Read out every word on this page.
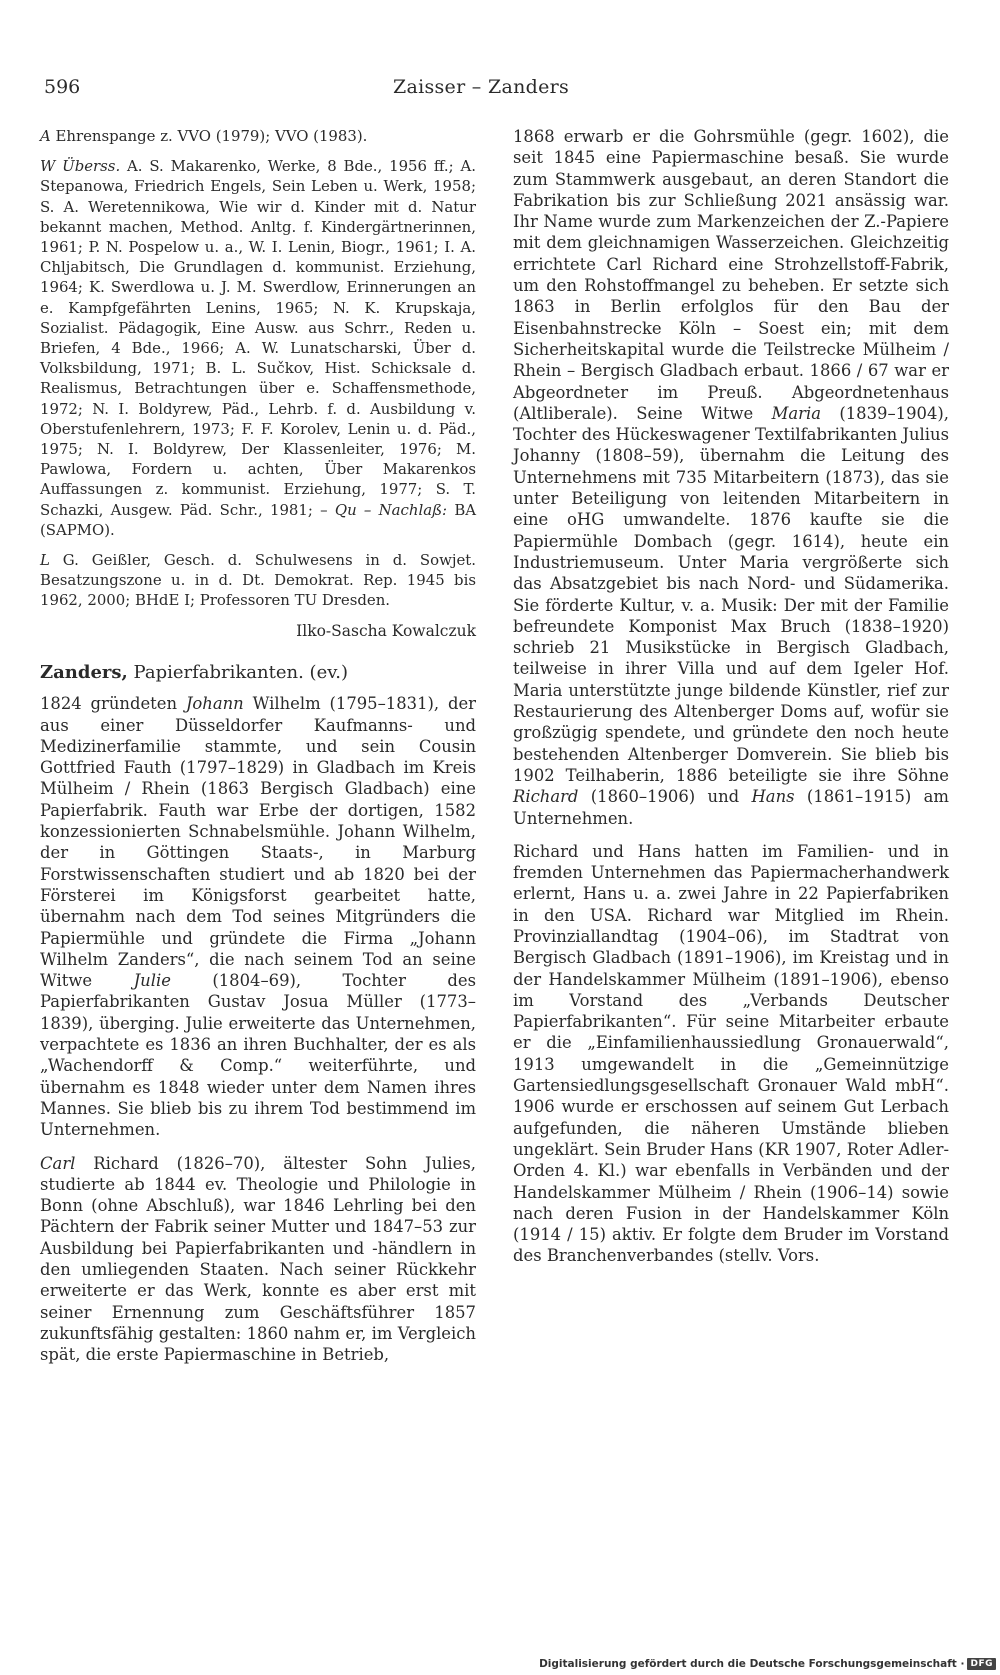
596	Zaisser – Zanders

A Ehrenspange z. VVO (1979); VVO (1983).

W Überss. A. S. Makarenko, Werke, 8 Bde., 1956 ff.; A. Stepanowa, Friedrich Engels, Sein Leben u. Werk, 1958; S. A. Weretennikowa, Wie wir d. Kinder mit d. Natur bekannt machen, Method. Anltg. f. Kindergärtnerinnen, 1961; P. N. Pospelow u. a., W. I. Lenin, Biogr., 1961; I. A. Chljabitsch, Die Grundlagen d. kommunist. Erziehung, 1964; K. Swerdlowa u. J. M. Swerdlow, Erinnerungen an e. Kampfgefährten Lenins, 1965; N. K. Krupskaja, Sozialist. Pädagogik, Eine Ausw. aus Schrr., Reden u. Briefen, 4 Bde., 1966; A. W. Lunatscharski, Über d. Volksbildung, 1971; B. L. Sučkov, Hist. Schicksale d. Realismus, Betrachtungen über e. Schaffensmethode, 1972; N. I. Boldyrew, Päd., Lehrb. f. d. Ausbildung v. Oberstufenlehrern, 1973; F. F. Korolev, Lenin u. d. Päd., 1975; N. I. Boldyrew, Der Klassenleiter, 1976; M. Pawlowa, Fordern u. achten, Über Makarenkos Auffassungen z. kommunist. Erziehung, 1977; S. T. Schazki, Ausgew. Päd. Schr., 1981; – Qu – Nachlaß: BA (SAPMO).

L G. Geißler, Gesch. d. Schulwesens in d. Sowjet. Besatzungszone u. in d. Dt. Demokrat. Rep. 1945 bis 1962, 2000; BHdE I; Professoren TU Dresden.

Ilko-Sascha Kowalczuk

Zanders, Papierfabrikanten. (ev.)

1824 gründeten Johann Wilhelm (1795–1831), der aus einer Düsseldorfer Kaufmanns- und Medizinerfamilie stammte, und sein Cousin Gottfried Fauth (1797–1829) in Gladbach im Kreis Mülheim / Rhein (1863 Bergisch Gladbach) eine Papierfabrik. Fauth war Erbe der dortigen, 1582 konzessionierten Schnabelsmühle. Johann Wilhelm, der in Göttingen Staats-, in Marburg Forstwissenschaften studiert und ab 1820 bei der Försterei im Königsforst gearbeitet hatte, übernahm nach dem Tod seines Mitgründers die Papiermühle und gründete die Firma „Johann Wilhelm Zanders“, die nach seinem Tod an seine Witwe Julie (1804–69), Tochter des Papierfabrikanten Gustav Josua Müller (1773–1839), überging. Julie erweiterte das Unternehmen, verpachtete es 1836 an ihren Buchhalter, der es als „Wachendorff & Comp.“ weiterführte, und übernahm es 1848 wieder unter dem Namen ihres Mannes. Sie blieb bis zu ihrem Tod bestimmend im Unternehmen.

Carl Richard (1826–70), ältester Sohn Julies, studierte ab 1844 ev. Theologie und Philologie in Bonn (ohne Abschluß), war 1846 Lehrling bei den Pächtern der Fabrik seiner Mutter und 1847–53 zur Ausbildung bei Papierfabrikanten und -händlern in den umliegenden Staaten. Nach seiner Rückkehr erweiterte er das Werk, konnte es aber erst mit seiner Ernennung zum Geschäftsführer 1857 zukunftsfähig gestalten: 1860 nahm er, im Vergleich spät, die erste Papiermaschine in Betrieb,

1868 erwarb er die Gohrsmühle (gegr. 1602), die seit 1845 eine Papiermaschine besaß. Sie wurde zum Stammwerk ausgebaut, an deren Standort die Fabrikation bis zur Schließung 2021 ansässig war. Ihr Name wurde zum Markenzeichen der Z.-Papiere mit dem gleichnamigen Wasserzeichen. Gleichzeitig errichtete Carl Richard eine Strohzellstoff-Fabrik, um den Rohstoffmangel zu beheben. Er setzte sich 1863 in Berlin erfolglos für den Bau der Eisenbahnstrecke Köln – Soest ein; mit dem Sicherheitskapital wurde die Teilstrecke Mülheim / Rhein – Bergisch Gladbach erbaut. 1866 / 67 war er Abgeordneter im Preuß. Abgeordnetenhaus (Altliberale). Seine Witwe Maria (1839–1904), Tochter des Hückeswagener Textilfabrikanten Julius Johanny (1808–59), übernahm die Leitung des Unternehmens mit 735 Mitarbeitern (1873), das sie unter Beteiligung von leitenden Mitarbeitern in eine oHG umwandelte. 1876 kaufte sie die Papiermühle Dombach (gegr. 1614), heute ein Industriemuseum. Unter Maria vergrößerte sich das Absatzgebiet bis nach Nord- und Südamerika. Sie förderte Kultur, v. a. Musik: Der mit der Familie befreundete Komponist Max Bruch (1838–1920) schrieb 21 Musikstücke in Bergisch Gladbach, teilweise in ihrer Villa und auf dem Igeler Hof. Maria unterstützte junge bildende Künstler, rief zur Restaurierung des Altenberger Doms auf, wofür sie großzügig spendete, und gründete den noch heute bestehenden Altenberger Domverein. Sie blieb bis 1902 Teilhaberin, 1886 beteiligte sie ihre Söhne Richard (1860–1906) und Hans (1861–1915) am Unternehmen.

Richard und Hans hatten im Familien- und in fremden Unternehmen das Papiermacherhandwerk erlernt, Hans u. a. zwei Jahre in 22 Papierfabriken in den USA. Richard war Mitglied im Rhein. Provinziallandtag (1904–06), im Stadtrat von Bergisch Gladbach (1891–1906), im Kreistag und in der Handelskammer Mülheim (1891–1906), ebenso im Vorstand des „Verbands Deutscher Papierfabrikanten“. Für seine Mitarbeiter erbaute er die „Einfamilienhaussiedlung Gronauerwald“, 1913 umgewandelt in die „Gemeinnützige Gartensiedlungsgesellschaft Gronauer Wald mbH“. 1906 wurde er erschossen auf seinem Gut Lerbach aufgefunden, die näheren Umstände blieben ungeklärt. Sein Bruder Hans (KR 1907, Roter Adler-Orden 4. Kl.) war ebenfalls in Verbänden und der Handelskammer Mülheim / Rhein (1906–14) sowie nach deren Fusion in der Handelskammer Köln (1914 / 15) aktiv. Er folgte dem Bruder im Vorstand des Branchenverbandes (stellv. Vors.

Digitalisierung gefördert durch die Deutsche Forschungsgemeinschaft · DFG
